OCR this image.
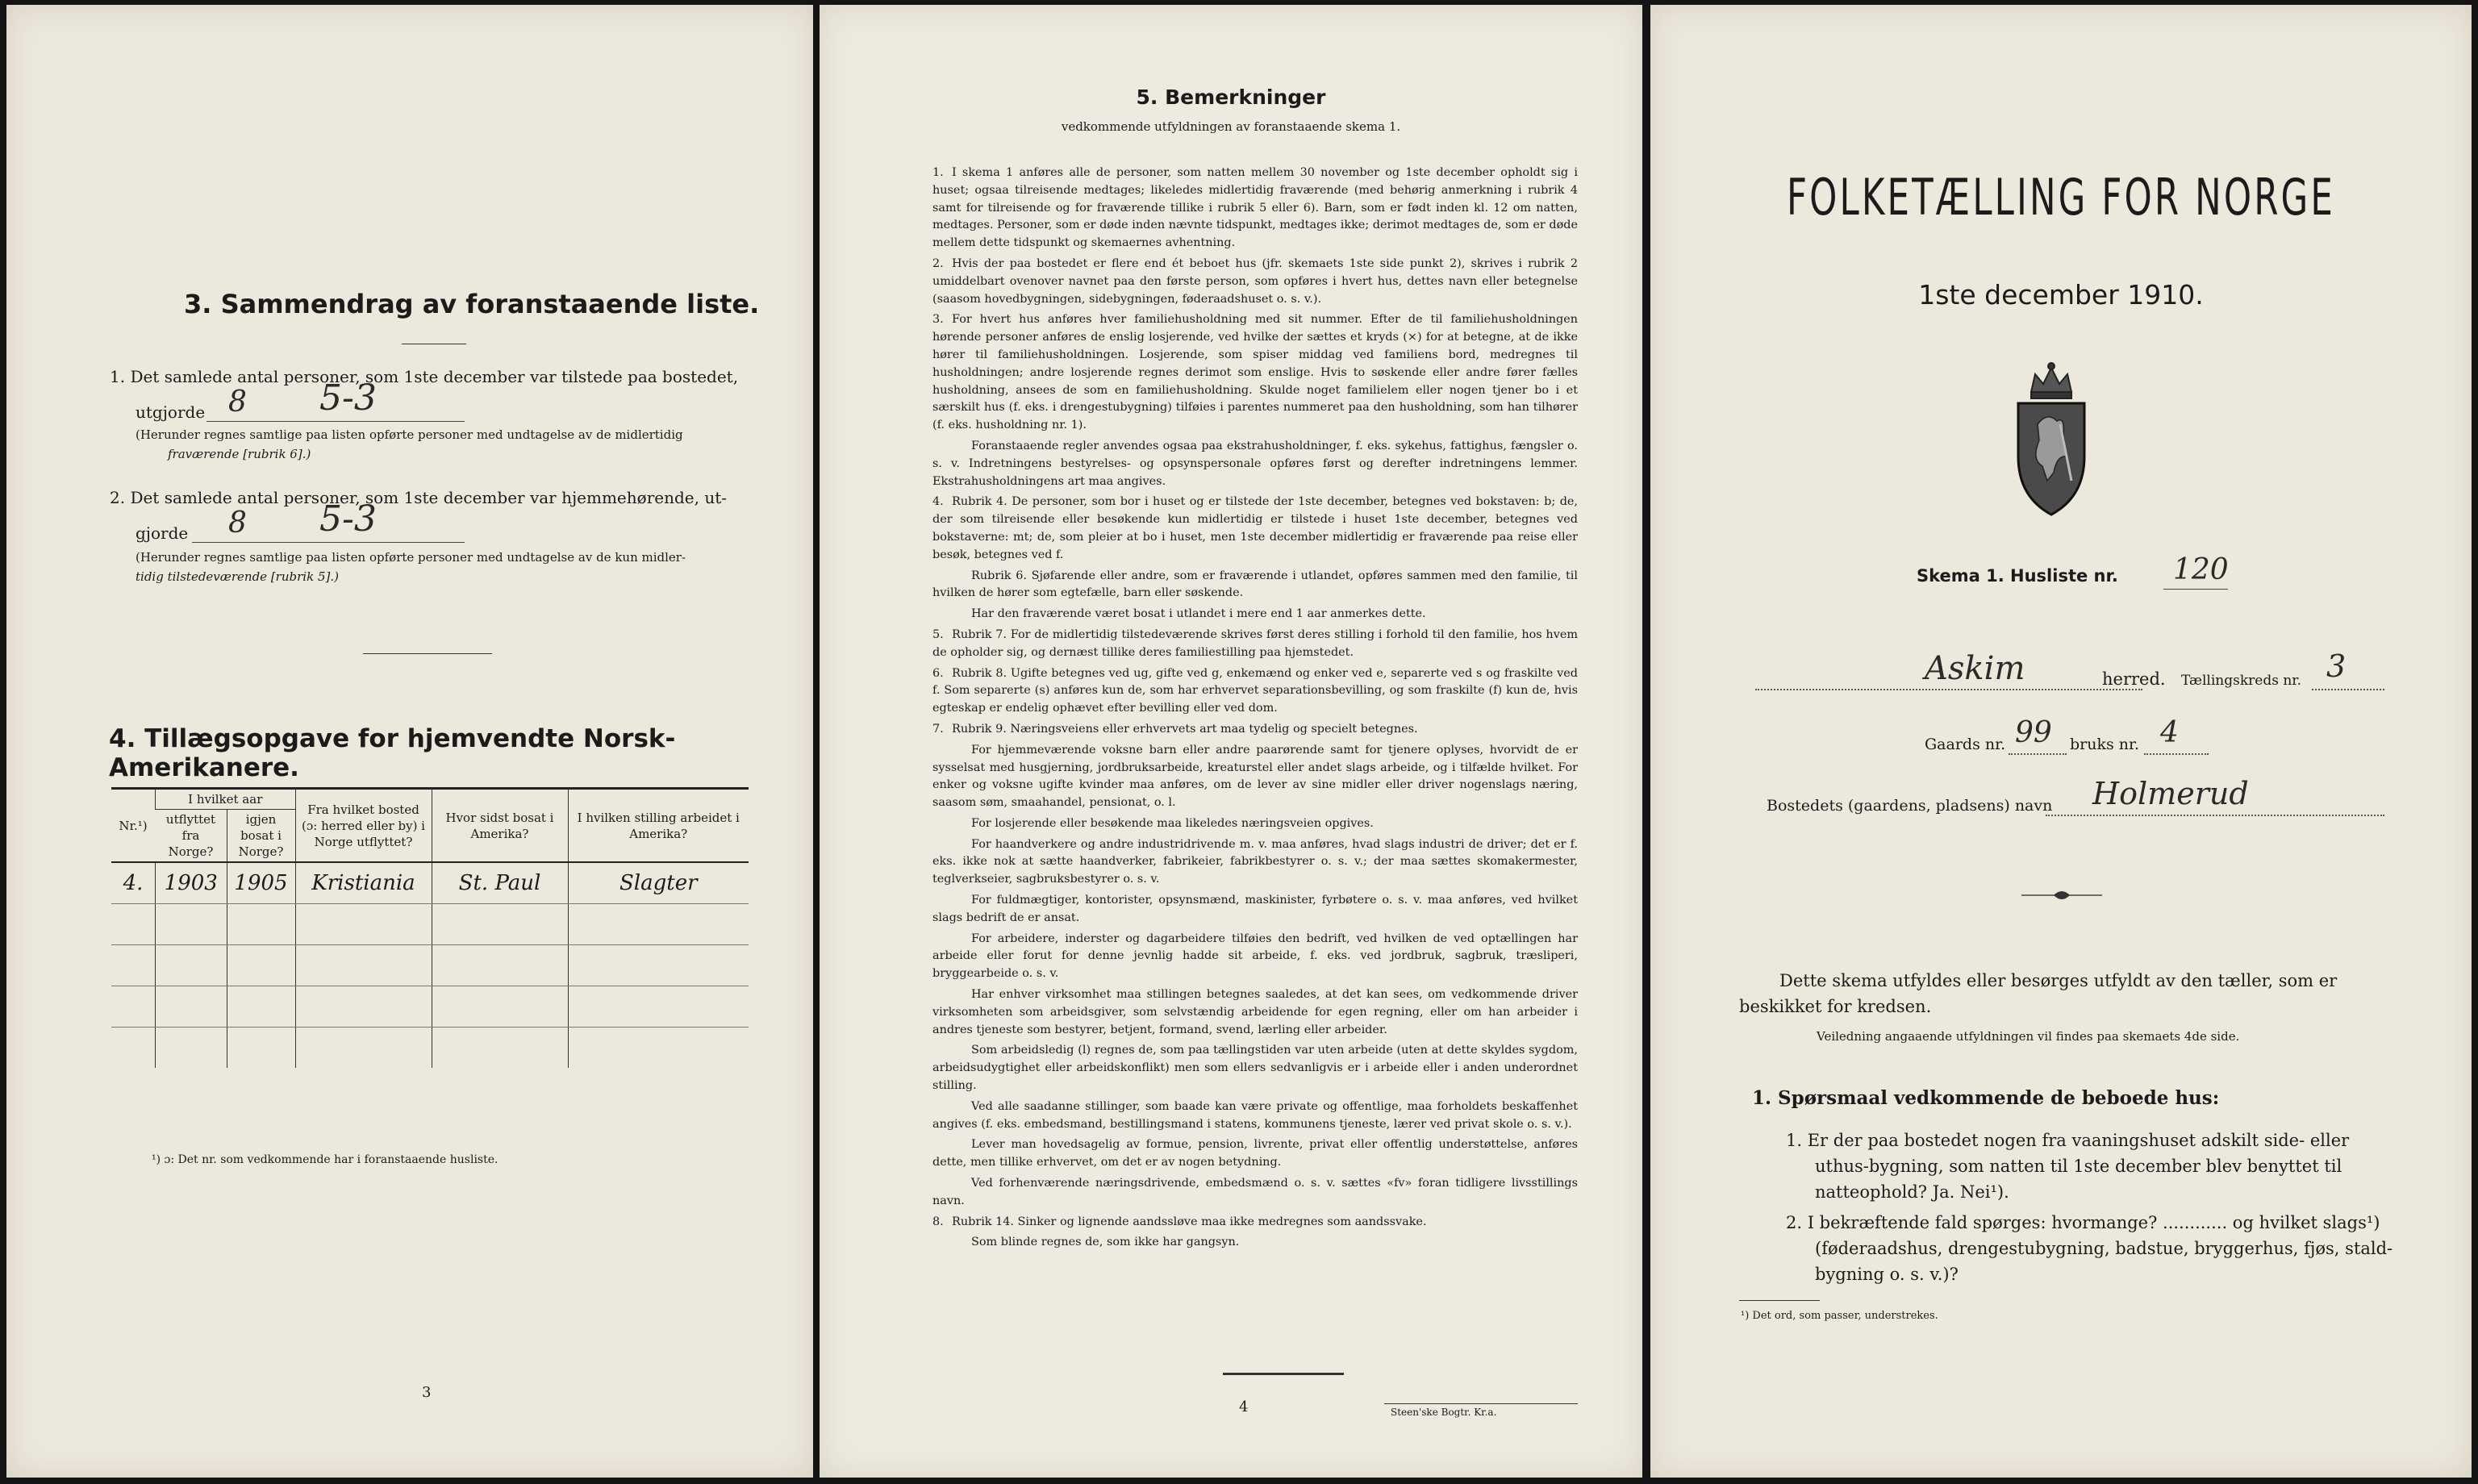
3. Sammendrag av foranstaaende liste.
1. Det samlede antal personer, som 1ste december var tilstede paa bostedet,
utgjorde 8 5-3
(Herunder regnes samtlige paa listen opførte personer med undtagelse av de midlertidig
fraværende [rubrik 6].)
2. Det samlede antal personer, som 1ste december var hjemmehørende, ut-
gjorde 8 5-3
(Herunder regnes samtlige paa listen opførte personer med undtagelse av de kun midler-
tidig tilstedeværende [rubrik 5].)
4. Tillægsopgave for hjemvendte Norsk-Amerikanere.
Nr.¹)	I hvilket aar		Fra hvilket bosted (ɔ: herred eller by) i Norge utflyttet?	Hvor sidst bosat i Amerika?	I hvilken stilling arbeidet i Amerika?
	utflyttet fra Norge?	igjen bosat i Norge?			
4.	1903	1905	Kristiania	St. Paul	Slagter

¹) ɔ: Det nr. som vedkommende har i foranstaaende husliste.
3
5. Bemerkninger
vedkommende utfyldningen av foranstaaende skema 1.

1. I skema 1 anføres alle de personer, som natten mellem 30 november og 1ste december opholdt sig i huset; ogsaa tilreisende medtages; likeledes midlertidig fraværende (med behørig anmerkning i rubrik 4 samt for tilreisende og for fraværende tillike i rubrik 5 eller 6). Barn, som er født inden kl. 12 om natten, medtages. Personer, som er døde inden nævnte tidspunkt, medtages ikke; derimot medtages de, som er døde mellem dette tidspunkt og skemaernes avhentning.

2. Hvis der paa bostedet er flere end ét beboet hus (jfr. skemaets 1ste side punkt 2), skrives i rubrik 2 umiddelbart ovenover navnet paa den første person, som opføres i hvert hus, dettes navn eller betegnelse (saasom hovedbygningen, sidebygningen, føderaadshuset o. s. v.).

3. For hvert hus anføres hver familiehusholdning med sit nummer. Efter de til familiehusholdningen hørende personer anføres de enslig losjerende, ved hvilke der sættes et kryds (×) for at betegne, at de ikke hører til familiehusholdningen. Losjerende, som spiser middag ved familiens bord, medregnes til husholdningen; andre losjerende regnes derimot som enslige. Hvis to søskende eller andre fører fælles husholdning, ansees de som en familiehusholdning. Skulde noget familielem eller nogen tjener bo i et særskilt hus (f. eks. i drengestubygning) tilføies i parentes nummeret paa den husholdning, som han tilhører (f. eks. husholdning nr. 1).

Foranstaaende regler anvendes ogsaa paa ekstrahusholdninger, f. eks. sykehus, fattighus, fængsler o. s. v. Indretningens bestyrelses- og opsynspersonale opføres først og derefter indretningens lemmer. Ekstrahusholdningens art maa angives.

4. Rubrik 4. De personer, som bor i huset og er tilstede der 1ste december, betegnes ved bokstaven: b; de, der som tilreisende eller besøkende kun midlertidig er tilstede i huset 1ste december, betegnes ved bokstaverne: mt; de, som pleier at bo i huset, men 1ste december midlertidig er fraværende paa reise eller besøk, betegnes ved f.

Rubrik 6. Sjøfarende eller andre, som er fraværende i utlandet, opføres sammen med den familie, til hvilken de hører som egtefælle, barn eller søskende.

Har den fraværende været bosat i utlandet i mere end 1 aar anmerkes dette.

5. Rubrik 7. For de midlertidig tilstedeværende skrives først deres stilling i forhold til den familie, hos hvem de opholder sig, og dernæst tillike deres familiestilling paa hjemstedet.

6. Rubrik 8. Ugifte betegnes ved ug, gifte ved g, enkemænd og enker ved e, separerte ved s og fraskilte ved f. Som separerte (s) anføres kun de, som har erhvervet separationsbevilling, og som fraskilte (f) kun de, hvis egteskap er endelig ophævet efter bevilling eller ved dom.

7. Rubrik 9. Næringsveiens eller erhvervets art maa tydelig og specielt betegnes.

For hjemmeværende voksne barn eller andre paarørende samt for tjenere oplyses, hvorvidt de er sysselsat med husgjerning, jordbruksarbeide, kreaturstel eller andet slags arbeide, og i tilfælde hvilket. For enker og voksne ugifte kvinder maa anføres, om de lever av sine midler eller driver nogenslags næring, saasom søm, smaahandel, pensionat, o. l.

For losjerende eller besøkende maa likeledes næringsveien opgives.

For haandverkere og andre industridrivende m. v. maa anføres, hvad slags industri de driver; det er f. eks. ikke nok at sætte haandverker, fabrikeier, fabrikbestyrer o. s. v.; der maa sættes skomakermester, teglverkseier, sagbruksbestyrer o. s. v.

For fuldmægtiger, kontorister, opsynsmænd, maskinister, fyrbøtere o. s. v. maa anføres, ved hvilket slags bedrift de er ansat.

For arbeidere, inderster og dagarbeidere tilføies den bedrift, ved hvilken de ved optællingen har arbeide eller forut for denne jevnlig hadde sit arbeide, f. eks. ved jordbruk, sagbruk, træsliperi, bryggearbeide o. s. v.

Har enhver virksomhet maa stillingen betegnes saaledes, at det kan sees, om vedkommende driver virksomheten som arbeidsgiver, som selvstændig arbeidende for egen regning, eller om han arbeider i andres tjeneste som bestyrer, betjent, formand, svend, lærling eller arbeider.

Som arbeidsledig (l) regnes de, som paa tællingstiden var uten arbeide (uten at dette skyldes sygdom, arbeidsudygtighet eller arbeidskonflikt) men som ellers sedvanligvis er i arbeide eller i anden underordnet stilling.

Ved alle saadanne stillinger, som baade kan være private og offentlige, maa forholdets beskaffenhet angives (f. eks. embedsmand, bestillingsmand i statens, kommunens tjeneste, lærer ved privat skole o. s. v.).

Lever man hovedsagelig av formue, pension, livrente, privat eller offentlig understøttelse, anføres dette, men tillike erhvervet, om det er av nogen betydning.

Ved forhenværende næringsdrivende, embedsmænd o. s. v. sættes «fv» foran tidligere livsstillings navn.

8. Rubrik 14. Sinker og lignende aandssløve maa ikke medregnes som aandssvake.

Som blinde regnes de, som ikke har gangsyn.

4	Steen'ske Bogtr. Kr.a.
FOLKETÆLLING FOR NORGE
1ste december 1910.
Skema 1. Husliste nr. 120
Askim	herred. Tællingskreds nr. 3
Gaards nr. 99 bruks nr. 4
Bostedets (gaardens, pladsens) navn Holmerud
Dette skema utfyldes eller besørges utfyldt av den tæller, som er
beskikket for kredsen.
Veiledning angaaende utfyldningen vil findes paa skemaets 4de side.
1. Spørsmaal vedkommende de beboede hus:
1. Er der paa bostedet nogen fra vaaningshuset adskilt side- eller
uthus-bygning, som natten til 1ste december blev benyttet til
natteophold? Ja. Nei¹).
2. I bekræftende fald spørges: hvormange? ............ og hvilket slags¹)
(føderaadshus, drengestubygning, badstue, bryggerhus, fjøs, stald-
bygning o. s. v.)?
¹) Det ord, som passer, understrekes.
